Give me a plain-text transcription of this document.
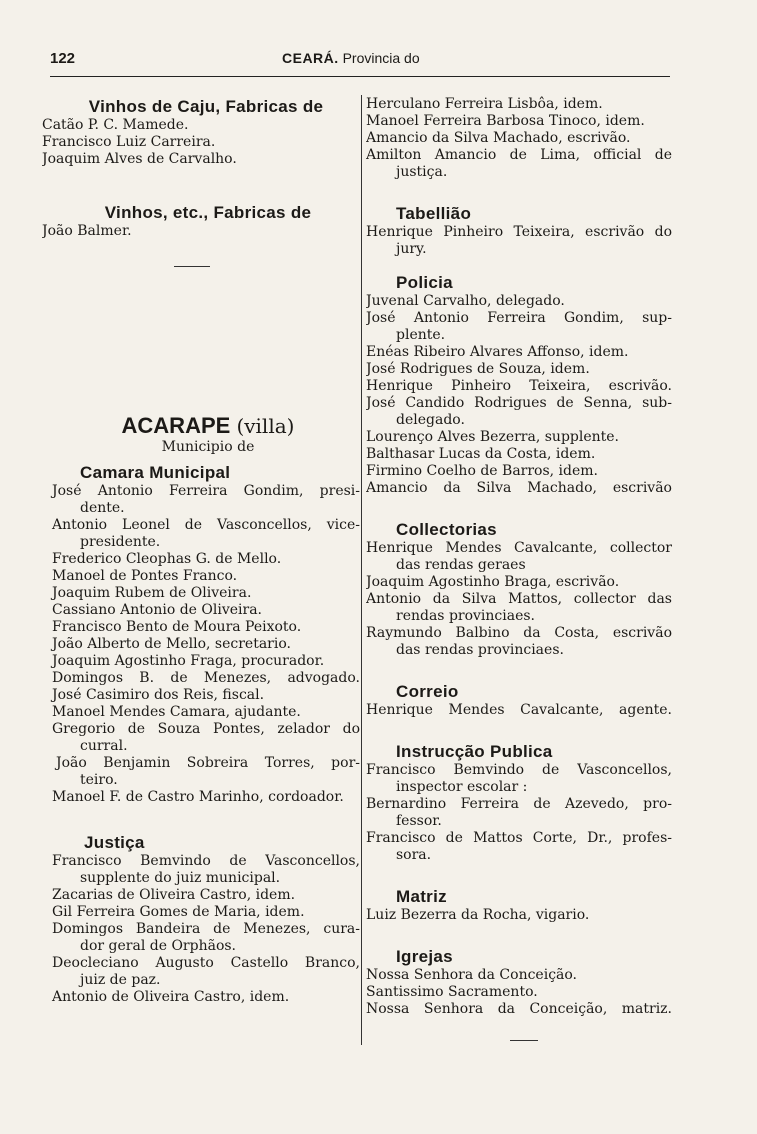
122	CEARÁ. Provincia do

Vinhos de Caju, Fabricas de

Catão P. C. Mamede.

Francisco Luiz Carreira.

Joaquim Alves de Carvalho.

Vinhos, etc., Fabricas de

João Balmer.

ACARAPE (villa)

Municipio de

Camara Municipal

José Antonio Ferreira Gondim, presi-

dente.

Antonio Leonel de Vasconcellos, vice-

presidente.

Frederico Cleophas G. de Mello.

Manoel de Pontes Franco.

Joaquim Rubem de Oliveira.

Cassiano Antonio de Oliveira.

Francisco Bento de Moura Peixoto.

João Alberto de Mello, secretario.

Joaquim Agostinho Fraga, procurador.

Domingos B. de Menezes, advogado.

José Casimiro dos Reis, fiscal.

Manoel Mendes Camara, ajudante.

Gregorio de Souza Pontes, zelador do

curral.

João Benjamin Sobreira Torres, por-

teiro.

Manoel F. de Castro Marinho, cordoador.

Justiça

Francisco Bemvindo de Vasconcellos,

supplente do juiz municipal.

Zacarias de Oliveira Castro, idem.

Gil Ferreira Gomes de Maria, idem.

Domingos Bandeira de Menezes, cura-

dor geral de Orphãos.

Deocleciano Augusto Castello Branco,

juiz de paz.

Antonio de Oliveira Castro, idem.

Herculano Ferreira Lisbôa, idem.

Manoel Ferreira Barbosa Tinoco, idem.

Amancio da Silva Machado, escrivão.

Amilton Amancio de Lima, official de

justiça.

Tabellião

Henrique Pinheiro Teixeira, escrivão do

jury.

Policia

Juvenal Carvalho, delegado.

José Antonio Ferreira Gondim, sup-

plente.

Enéas Ribeiro Alvares Affonso, idem.

José Rodrigues de Souza, idem.

Henrique Pinheiro Teixeira, escrivão.

José Candido Rodrigues de Senna, sub-

delegado.

Lourenço Alves Bezerra, supplente.

Balthasar Lucas da Costa, idem.

Firmino Coelho de Barros, idem.

Amancio da Silva Machado, escrivão

Collectorias

Henrique Mendes Cavalcante, collector

das rendas geraes

Joaquim Agostinho Braga, escrivão.

Antonio da Silva Mattos, collector das

rendas provinciaes.

Raymundo Balbino da Costa, escrivão

das rendas provinciaes.

Correio

Henrique Mendes Cavalcante, agente.

Instrucção Publica

Francisco Bemvindo de Vasconcellos,

inspector escolar :

Bernardino Ferreira de Azevedo, pro-

fessor.

Francisco de Mattos Corte, Dr., profes-

sora.

Matriz

Luiz Bezerra da Rocha, vigario.

Igrejas

Nossa Senhora da Conceição.

Santissimo Sacramento.

Nossa Senhora da Conceição, matriz.
